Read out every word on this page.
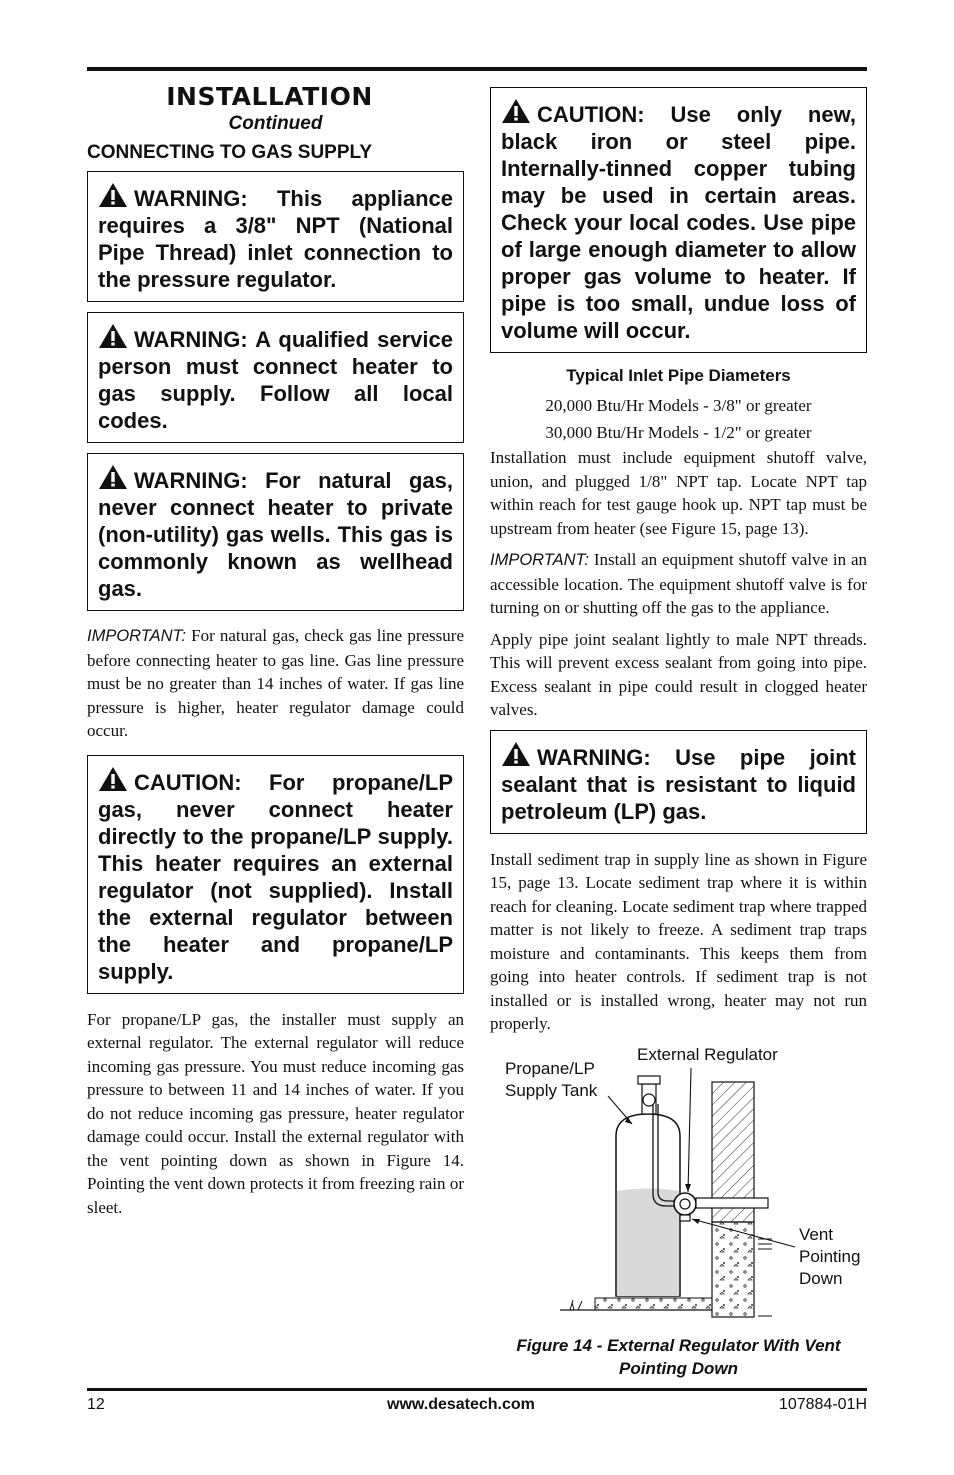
INSTALLATION
Continued
CONNECTING TO GAS SUPPLY
WARNING: This appliance requires a 3/8" NPT (National Pipe Thread) inlet connection to the pressure regulator.
WARNING: A qualified service person must connect heater to gas supply. Follow all local codes.
WARNING: For natural gas, never connect heater to private (non-utility) gas wells. This gas is commonly known as wellhead gas.

IMPORTANT: For natural gas, check gas line pressure before connecting heater to gas line. Gas line pressure must be no greater than 14 inches of water. If gas line pressure is higher, heater regulator damage could occur.

CAUTION: For propane/LP gas, never connect heater directly to the propane/LP supply. This heater requires an external regulator (not supplied). Install the external regulator between the heater and propane/LP supply.

For propane/LP gas, the installer must supply an external regulator. The external regulator will reduce incoming gas pressure. You must reduce incoming gas pressure to between 11 and 14 inches of water. If you do not reduce incoming gas pressure, heater regulator damage could occur. Install the external regulator with the vent pointing down as shown in Figure 14. Pointing the vent down protects it from freezing rain or sleet.

CAUTION: Use only new, black iron or steel pipe. Internally-tinned copper tubing may be used in certain areas. Check your local codes. Use pipe of large enough diameter to allow proper gas volume to heater. If pipe is too small, undue loss of volume will occur.
Typical Inlet Pipe Diameters
20,000 Btu/Hr Models - 3/8" or greater
30,000 Btu/Hr Models - 1/2" or greater

Installation must include equipment shutoff valve, union, and plugged 1/8" NPT tap. Locate NPT tap within reach for test gauge hook up. NPT tap must be upstream from heater (see Figure 15, page 13).

IMPORTANT: Install an equipment shutoff valve in an accessible location. The equipment shutoff valve is for turning on or shutting off the gas to the appliance.

Apply pipe joint sealant lightly to male NPT threads. This will prevent excess sealant from going into pipe. Excess sealant in pipe could result in clogged heater valves.

WARNING: Use pipe joint sealant that is resistant to liquid petroleum (LP) gas.

Install sediment trap in supply line as shown in Figure 15, page 13. Locate sediment trap where it is within reach for cleaning. Locate sediment trap where trapped matter is not likely to freeze. A sediment trap traps moisture and contaminants. This keeps them from going into heater controls. If sediment trap is not installed or is installed wrong, heater may not run properly.

Propane/LP
Supply Tank
External Regulator
Vent
Pointing
Down
Figure 14 - External Regulator With Vent
Pointing Down
12	www.desatech.com	107884-01H
